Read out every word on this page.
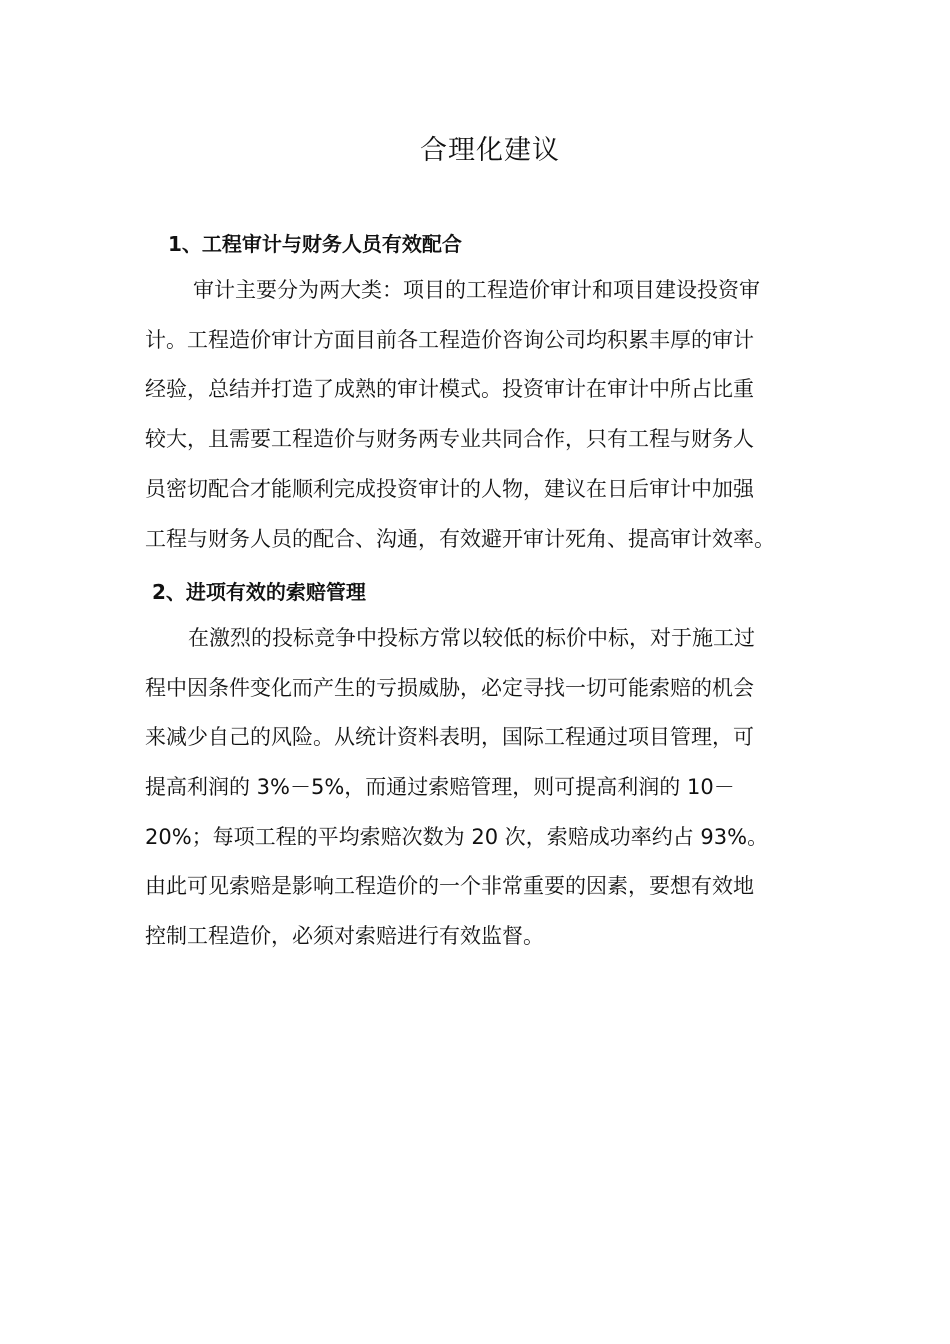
合理化建议
1、工程审计与财务人员有效配合

审计主要分为两大类：项目的工程造价审计和项目建设投资审

计。工程造价审计方面目前各工程造价咨询公司均积累丰厚的审计

经验，总结并打造了成熟的审计模式。投资审计在审计中所占比重

较大，且需要工程造价与财务两专业共同合作，只有工程与财务人

员密切配合才能顺利完成投资审计的人物，建议在日后审计中加强

工程与财务人员的配合、沟通，有效避开审计死角、提高审计效率。

2、进项有效的索赔管理

在激烈的投标竞争中投标方常以较低的标价中标，对于施工过

程中因条件变化而产生的亏损威胁，必定寻找一切可能索赔的机会

来减少自己的风险。从统计资料表明，国际工程通过项目管理，可

提高利润的 3%－5%，而通过索赔管理，则可提高利润的 10－

20%；每项工程的平均索赔次数为 20 次，索赔成功率约占 93%。

由此可见索赔是影响工程造价的一个非常重要的因素，要想有效地

控制工程造价，必须对索赔进行有效监督。
